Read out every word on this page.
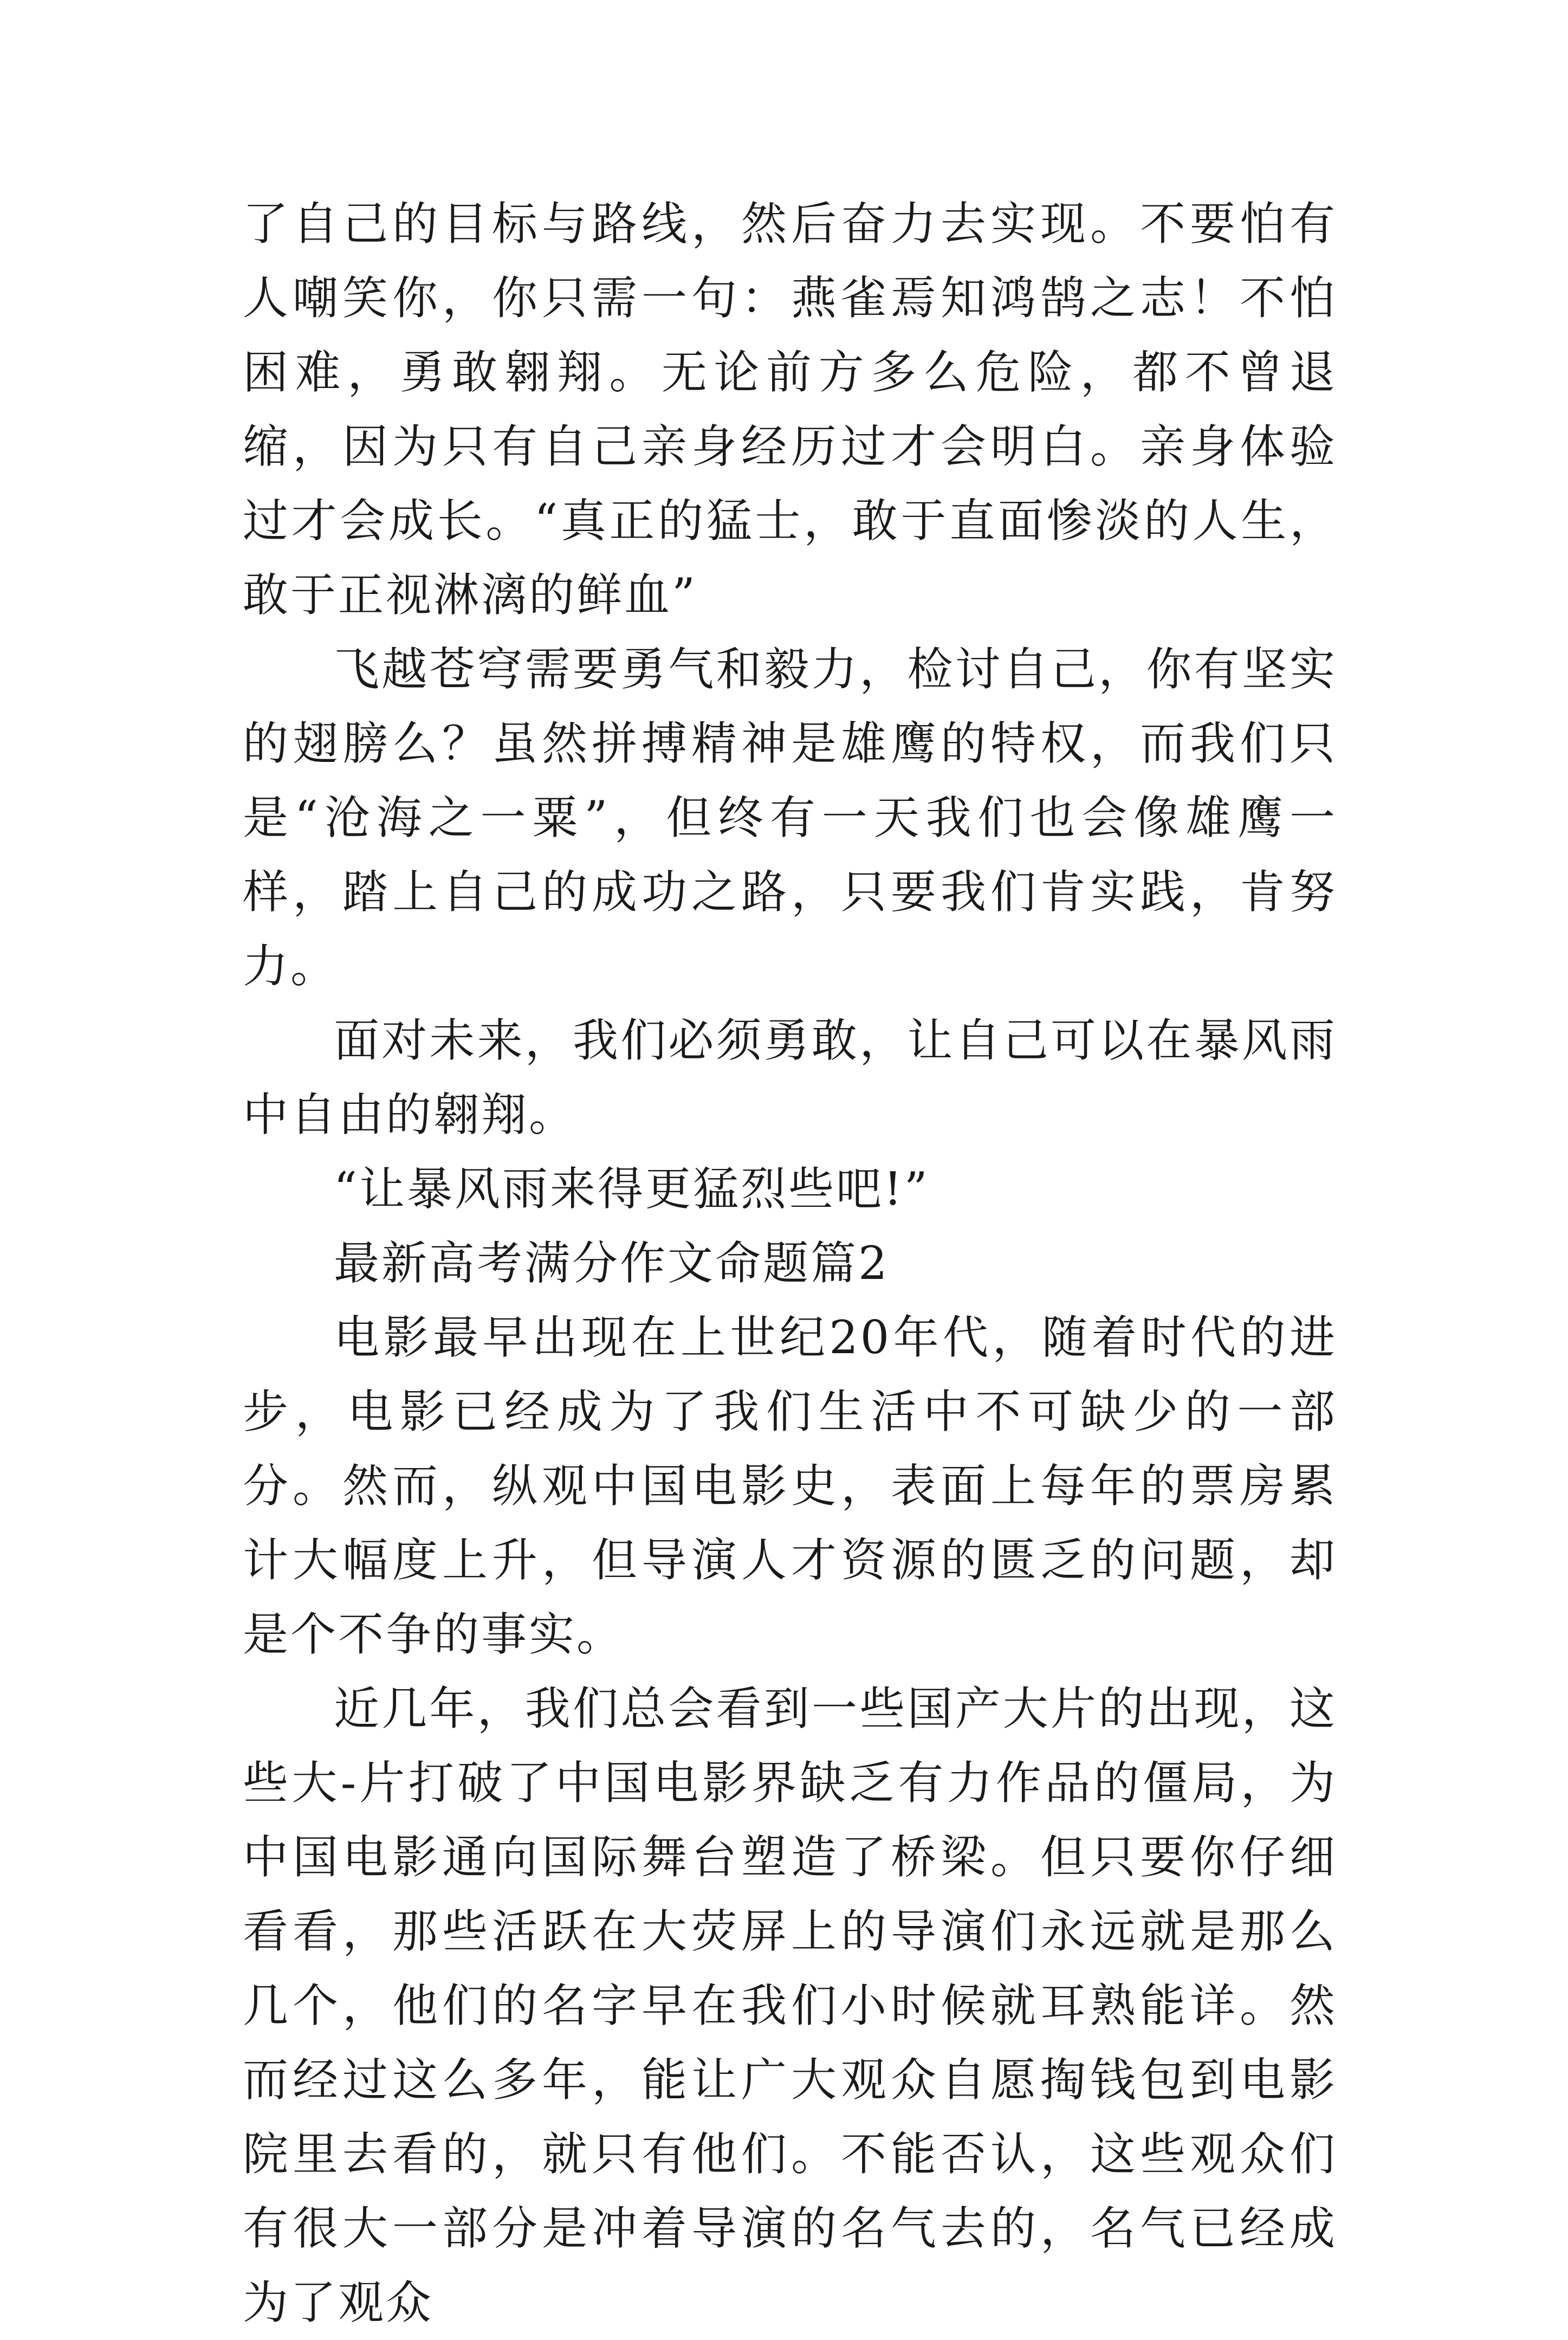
了自己的目标与路线，然后奋力去实现。不要怕有人嘲笑你，你只需一句：燕雀焉知鸿鹄之志！不怕困难，勇敢翱翔。无论前方多么危险，都不曾退缩，因为只有自己亲身经历过才会明白。亲身体验过才会成长。“真正的猛士，敢于直面惨淡的人生，敢于正视淋漓的鲜血”

飞越苍穹需要勇气和毅力，检讨自己，你有坚实的翅膀么？虽然拼搏精神是雄鹰的特权，而我们只是“沧海之一粟”，但终有一天我们也会像雄鹰一样，踏上自己的成功之路，只要我们肯实践，肯努力。

面对未来，我们必须勇敢，让自己可以在暴风雨中自由的翱翔。

“让暴风雨来得更猛烈些吧!”

最新高考满分作文命题篇2

电影最早出现在上世纪20年代，随着时代的进步，电影已经成为了我们生活中不可缺少的一部分。然而，纵观中国电影史，表面上每年的票房累计大幅度上升，但导演人才资源的匮乏的问题，却是个不争的事实。

近几年，我们总会看到一些国产大片的出现，这些大-片打破了中国电影界缺乏有力作品的僵局，为中国电影通向国际舞台塑造了桥梁。但只要你仔细看看，那些活跃在大荧屏上的导演们永远就是那么几个，他们的名字早在我们小时候就耳熟能详。然而经过这么多年，能让广大观众自愿掏钱包到电影院里去看的，就只有他们。不能否认，这些观众们有很大一部分是冲着导演的名气去的，名气已经成为了观众
